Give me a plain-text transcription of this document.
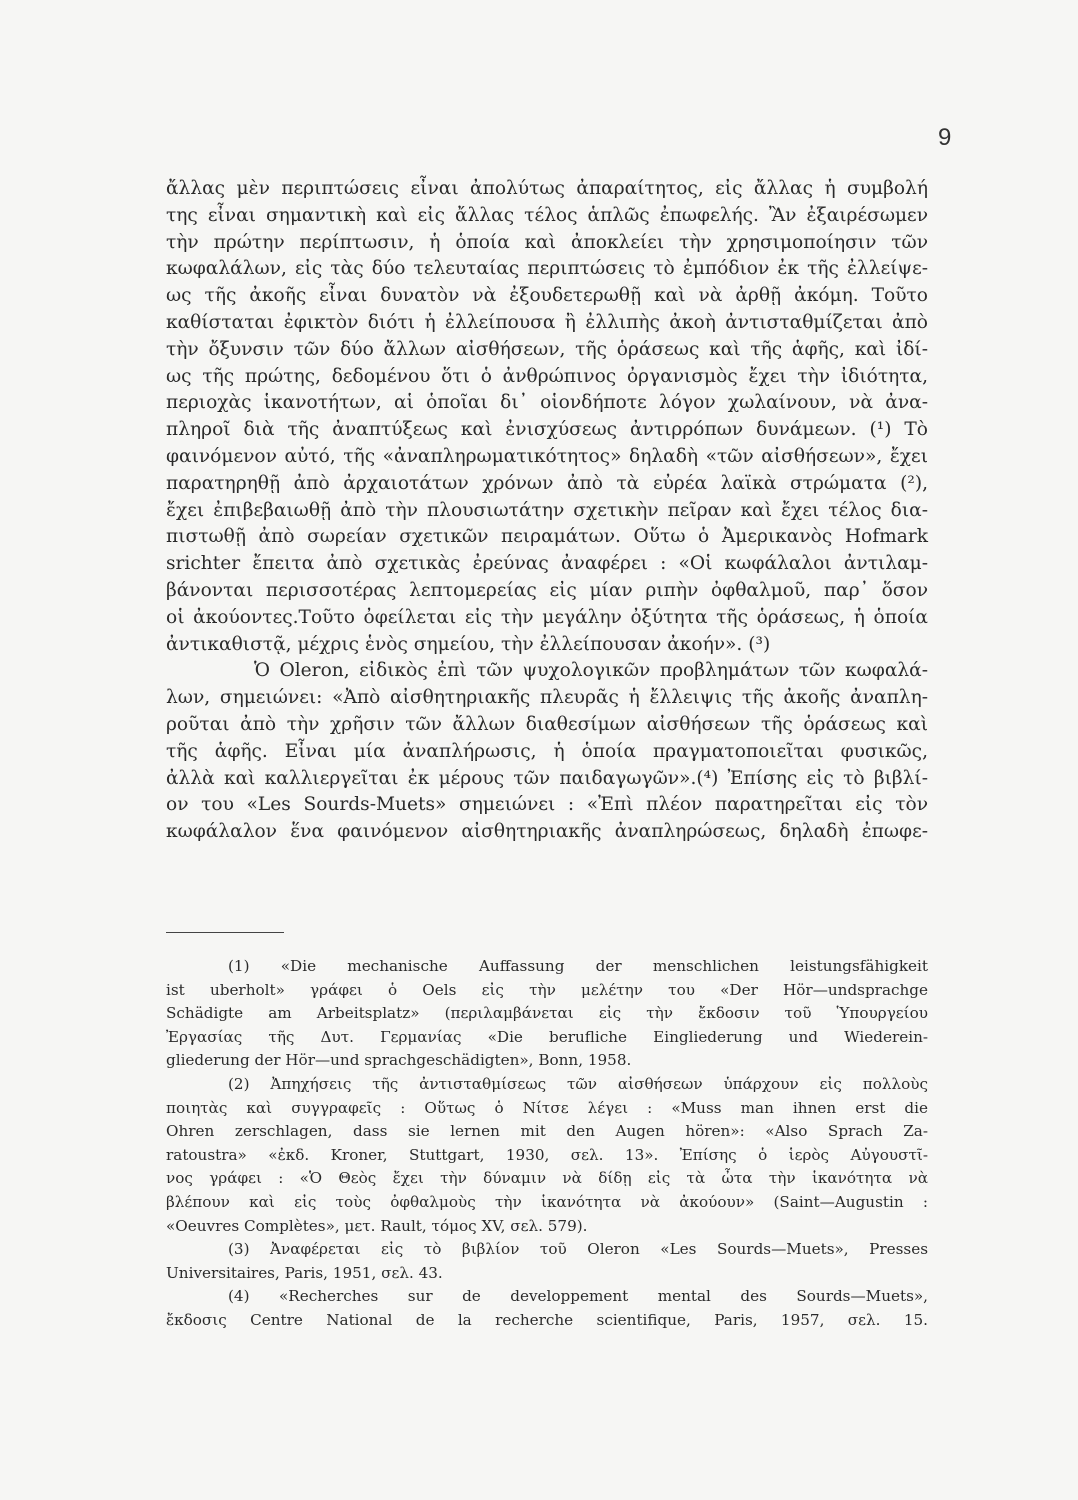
9
ἄλλας μὲν περιπτώσεις εἶναι ἀπολύτως ἀπαραίτητος, εἰς ἄλλας ἡ συμβολή
της εἶναι σημαντικὴ καὶ εἰς ἄλλας τέλος ἁπλῶς ἐπωφελής. Ἂν ἐξαιρέσωμεν
τὴν πρώτην περίπτωσιν, ἡ ὁποία καὶ ἀποκλείει τὴν χρησιμοποίησιν τῶν
κωφαλάλων, εἰς τὰς δύο τελευταίας περιπτώσεις τὸ ἐμπόδιον ἐκ τῆς ἐλλείψε-
ως τῆς ἀκοῆς εἶναι δυνατὸν νὰ ἐξουδετερωθῇ καὶ νὰ ἀρθῇ ἀκόμη. Τοῦτο
καθίσταται ἐφικτὸν διότι ἡ ἐλλείπουσα ἢ ἐλλιπὴς ἀκοὴ ἀντισταθμίζεται ἀπὸ
τὴν ὄξυνσιν τῶν δύο ἄλλων αἰσθήσεων, τῆς ὁράσεως καὶ τῆς ἁφῆς, καὶ ἰδί-
ως τῆς πρώτης, δεδομένου ὅτι ὁ ἀνθρώπινος ὀργανισμὸς ἔχει τὴν ἰδιότητα,
περιοχὰς ἱκανοτήτων, αἱ ὁποῖαι δι᾽ οἱονδήποτε λόγον χωλαίνουν, νὰ ἀνα-
πληροῖ διὰ τῆς ἀναπτύξεως καὶ ἐνισχύσεως ἀντιρρόπων δυνάμεων. (¹) Τὸ
φαινόμενον αὐτό, τῆς «ἀναπληρωματικότητος» δηλαδὴ «τῶν αἰσθήσεων», ἔχει
παρατηρηθῇ ἀπὸ ἀρχαιοτάτων χρόνων ἀπὸ τὰ εὐρέα λαϊκὰ στρώματα (²),
ἔχει ἐπιβεβαιωθῇ ἀπὸ τὴν πλουσιωτάτην σχετικὴν πεῖραν καὶ ἔχει τέλος δια-
πιστωθῇ ἀπὸ σωρείαν σχετικῶν πειραμάτων. Οὕτω ὁ Ἀμερικανὸς Hofmark
srichter ἔπειτα ἀπὸ σχετικὰς ἐρεύνας ἀναφέρει : «Οἱ κωφάλαλοι ἀντιλαμ-
βάνονται περισσοτέρας λεπτομερείας εἰς μίαν ριπὴν ὀφθαλμοῦ, παρ᾽ ὅσον
οἱ ἀκούοντες.Τοῦτο ὀφείλεται εἰς τὴν μεγάλην ὀξύτητα τῆς ὁράσεως, ἡ ὁποία
ἀντικαθιστᾷ, μέχρις ἑνὸς σημείου, τὴν ἐλλείπουσαν ἀκοήν». (³)
Ὁ Oleron, εἰδικὸς ἐπὶ τῶν ψυχολογικῶν προβλημάτων τῶν κωφαλά-
λων, σημειώνει: «Ἀπὸ αἰσθητηριακῆς πλευρᾶς ἡ ἔλλειψις τῆς ἀκοῆς ἀναπλη-
ροῦται ἀπὸ τὴν χρῆσιν τῶν ἄλλων διαθεσίμων αἰσθήσεων τῆς ὁράσεως καὶ
τῆς ἁφῆς. Εἶναι μία ἀναπλήρωσις, ἡ ὁποία πραγματοποιεῖται φυσικῶς,
ἀλλὰ καὶ καλλιεργεῖται ἐκ μέρους τῶν παιδαγωγῶν».(⁴) Ἐπίσης εἰς τὸ βιβλί-
ον του «Les Sourds-Muets» σημειώνει : «Ἐπὶ πλέον παρατηρεῖται εἰς τὸν
κωφάλαλον ἕνα φαινόμενον αἰσθητηριακῆς ἀναπληρώσεως, δηλαδὴ ἐπωφε-
(1) «Die mechanische Auffassung der menschlichen leistungsfähigkeit
ist uberholt» γράφει ὁ Oels εἰς τὴν μελέτην του «Der Hör—undsprachge
Schädigte am Arbeitsplatz» (περιλαμβάνεται εἰς τὴν ἔκδοσιν τοῦ Ὑπουργείου
Ἐργασίας τῆς Δυτ. Γερμανίας «Die berufliche Eingliederung und Wiederein-
gliederung der Hör—und sprachgeschädigten», Bonn, 1958.
(2) Ἀπηχήσεις τῆς ἀντισταθμίσεως τῶν αἰσθήσεων ὑπάρχουν εἰς πολλοὺς
ποιητὰς καὶ συγγραφεῖς : Οὕτως ὁ Νίτσε λέγει : «Muss man ihnen erst die
Ohren zerschlagen, dass sie lernen mit den Augen hören»: «Also Sprach Za-
ratoustra» «ἐκδ. Kroner, Stuttgart, 1930, σελ. 13». Ἐπίσης ὁ ἱερὸς Αὐγουστῖ-
νος γράφει : «Ὁ Θεὸς ἔχει τὴν δύναμιν νὰ δίδῃ εἰς τὰ ὦτα τὴν ἱκανότητα νὰ
βλέπουν καὶ εἰς τοὺς ὀφθαλμοὺς τὴν ἱκανότητα νὰ ἀκούουν» (Saint—Augustin :
«Oeuvres Complètes», μετ. Rault, τόμος XV, σελ. 579).
(3) Ἀναφέρεται εἰς τὸ βιβλίον τοῦ Oleron «Les Sourds—Muets», Presses
Universitaires, Paris, 1951, σελ. 43.
(4) «Recherches sur de developpement mental des Sourds—Muets»,
ἔκδοσις Centre National de la recherche scientifique, Paris, 1957, σελ. 15.
